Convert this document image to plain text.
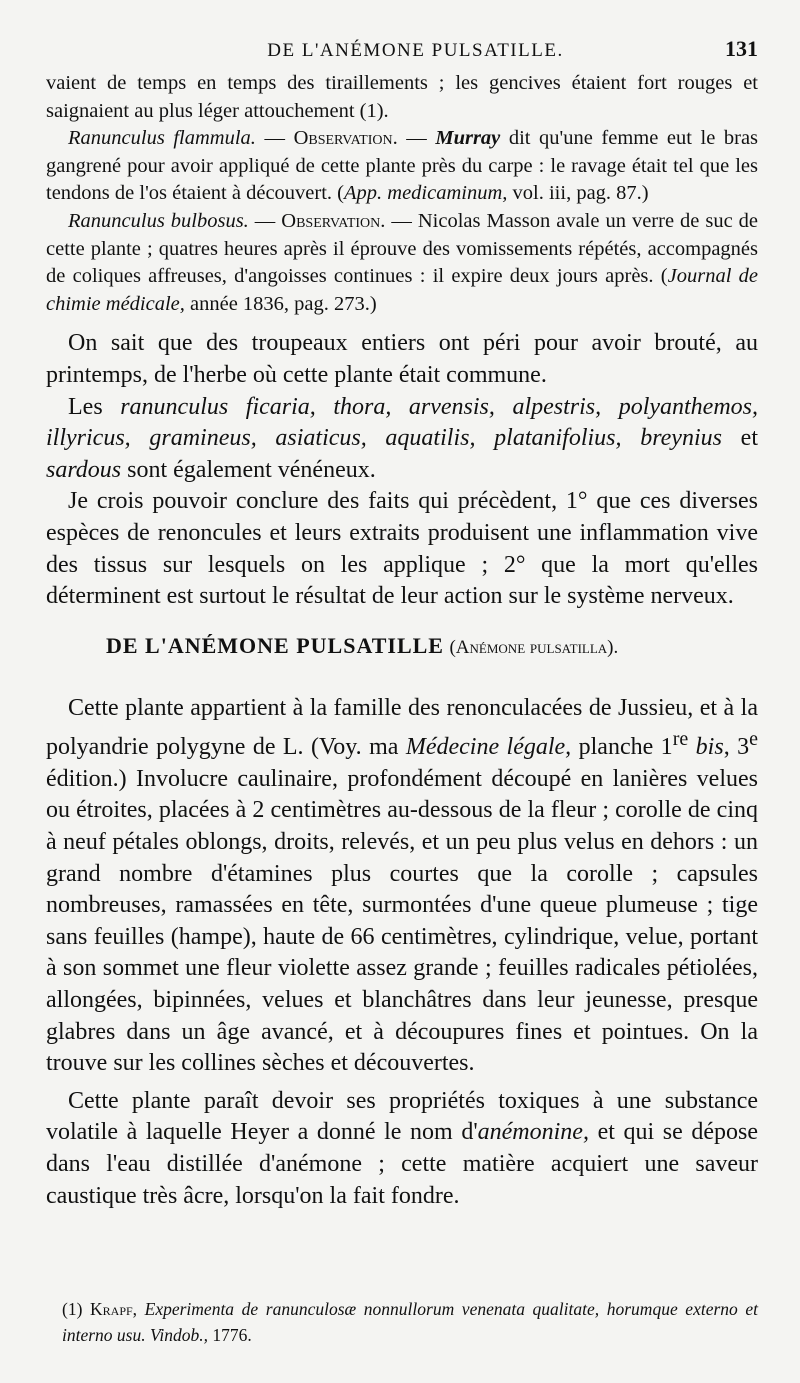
DE L'ANÉMONE PULSATILLE.	131

vaient de temps en temps des tiraillements ; les gencives étaient fort rouges et saignaient au plus léger attouchement (1).

Ranunculus flammula. — Observation. — Murray dit qu'une femme eut le bras gangrené pour avoir appliqué de cette plante près du carpe : le ravage était tel que les tendons de l'os étaient à découvert. (App. medicaminum, vol. iii, pag. 87.)

Ranunculus bulbosus. — Observation. — Nicolas Masson avale un verre de suc de cette plante ; quatres heures après il éprouve des vomissements répétés, accompagnés de coliques affreuses, d'angoisses continues : il expire deux jours après. (Journal de chimie médicale, année 1836, pag. 273.)

On sait que des troupeaux entiers ont péri pour avoir brouté, au printemps, de l'herbe où cette plante était commune.

Les ranunculus ficaria, thora, arvensis, alpestris, polyanthemos, illyricus, gramineus, asiaticus, aquatilis, platanifolius, breynius et sardous sont également vénéneux.

Je crois pouvoir conclure des faits qui précèdent, 1° que ces diverses espèces de renoncules et leurs extraits produisent une inflammation vive des tissus sur lesquels on les applique ; 2° que la mort qu'elles déterminent est surtout le résultat de leur action sur le système nerveux.

DE L'ANÉMONE PULSATILLE (Anémone pulsatilla).

Cette plante appartient à la famille des renonculacées de Jussieu, et à la polyandrie polygyne de L. (Voy. ma Médecine légale, planche 1re bis, 3e édition.) Involucre caulinaire, profondément découpé en lanières velues ou étroites, placées à 2 centimètres au-dessous de la fleur ; corolle de cinq à neuf pétales oblongs, droits, relevés, et un peu plus velus en dehors : un grand nombre d'étamines plus courtes que la corolle ; capsules nombreuses, ramassées en tête, surmontées d'une queue plumeuse ; tige sans feuilles (hampe), haute de 66 centimètres, cylindrique, velue, portant à son sommet une fleur violette assez grande ; feuilles radicales pétiolées, allongées, bipinnées, velues et blanchâtres dans leur jeunesse, presque glabres dans un âge avancé, et à découpures fines et pointues. On la trouve sur les collines sèches et découvertes.

Cette plante paraît devoir ses propriétés toxiques à une substance volatile à laquelle Heyer a donné le nom d'anémonine, et qui se dépose dans l'eau distillée d'anémone ; cette matière acquiert une saveur caustique très âcre, lorsqu'on la fait fondre.

(1) Krapf, Experimenta de ranunculosæ nonnullorum venenata qualitate, horumque externo et interno usu. Vindob., 1776.
